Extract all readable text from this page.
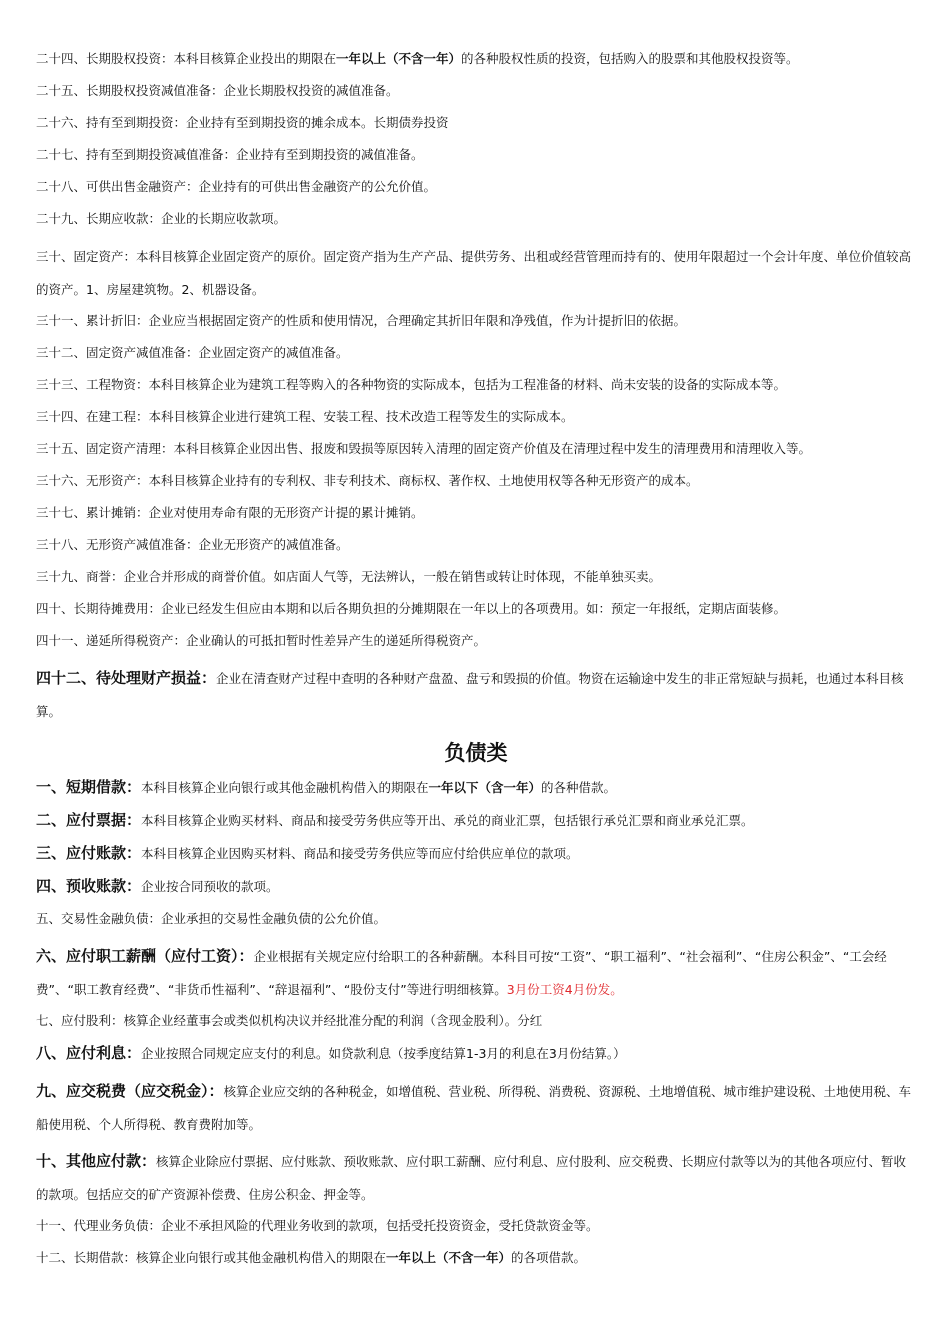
二十四、长期股权投资：本科目核算企业投出的期限在一年以上（不含一年）的各种股权性质的投资，包括购入的股票和其他股权投资等。

二十五、长期股权投资减值准备：企业长期股权投资的减值准备。

二十六、持有至到期投资：企业持有至到期投资的摊余成本。长期债券投资

二十七、持有至到期投资减值准备：企业持有至到期投资的减值准备。

二十八、可供出售金融资产：企业持有的可供出售金融资产的公允价值。

二十九、长期应收款：企业的长期应收款项。

三十、固定资产：本科目核算企业固定资产的原价。固定资产指为生产产品、提供劳务、出租或经营管理而持有的、使用年限超过一个会计年度、单位价值较高的资产。1、房屋建筑物。2、机器设备。

三十一、累计折旧：企业应当根据固定资产的性质和使用情况，合理确定其折旧年限和净残值，作为计提折旧的依据。

三十二、固定资产减值准备：企业固定资产的减值准备。

三十三、工程物资：本科目核算企业为建筑工程等购入的各种物资的实际成本，包括为工程准备的材料、尚未安装的设备的实际成本等。

三十四、在建工程：本科目核算企业进行建筑工程、安装工程、技术改造工程等发生的实际成本。

三十五、固定资产清理：本科目核算企业因出售、报废和毁损等原因转入清理的固定资产价值及在清理过程中发生的清理费用和清理收入等。

三十六、无形资产：本科目核算企业持有的专利权、非专利技术、商标权、著作权、土地使用权等各种无形资产的成本。

三十七、累计摊销：企业对使用寿命有限的无形资产计提的累计摊销。

三十八、无形资产减值准备：企业无形资产的减值准备。

三十九、商誉：企业合并形成的商誉价值。如店面人气等，无法辨认，一般在销售或转让时体现，不能单独买卖。

四十、长期待摊费用：企业已经发生但应由本期和以后各期负担的分摊期限在一年以上的各项费用。如：预定一年报纸，定期店面装修。

四十一、递延所得税资产：企业确认的可抵扣暂时性差异产生的递延所得税资产。

四十二、待处理财产损益：企业在清查财产过程中查明的各种财产盘盈、盘亏和毁损的价值。物资在运输途中发生的非正常短缺与损耗，也通过本科目核算。

负债类

一、短期借款：本科目核算企业向银行或其他金融机构借入的期限在一年以下（含一年）的各种借款。

二、应付票据：本科目核算企业购买材料、商品和接受劳务供应等开出、承兑的商业汇票，包括银行承兑汇票和商业承兑汇票。

三、应付账款：本科目核算企业因购买材料、商品和接受劳务供应等而应付给供应单位的款项。

四、预收账款：企业按合同预收的款项。

五、交易性金融负债：企业承担的交易性金融负债的公允价值。

六、应付职工薪酬（应付工资）：企业根据有关规定应付给职工的各种薪酬。本科目可按“工资”、“职工福利”、“社会福利”、“住房公积金”、“工会经费”、“职工教育经费”、“非货币性福利”、“辞退福利”、“股份支付”等进行明细核算。3月份工资4月份发。

七、应付股利：核算企业经董事会或类似机构决议并经批准分配的利润（含现金股利）。分红

八、应付利息：企业按照合同规定应支付的利息。如贷款利息（按季度结算1-3月的利息在3月份结算。）

九、应交税费（应交税金）：核算企业应交纳的各种税金，如增值税、营业税、所得税、消费税、资源税、土地增值税、城市维护建设税、土地使用税、车船使用税、个人所得税、教育费附加等。

十、其他应付款：核算企业除应付票据、应付账款、预收账款、应付职工薪酬、应付利息、应付股利、应交税费、长期应付款等以为的其他各项应付、暂收的款项。包括应交的矿产资源补偿费、住房公积金、押金等。

十一、代理业务负债：企业不承担风险的代理业务收到的款项，包括受托投资资金，受托贷款资金等。

十二、长期借款：核算企业向银行或其他金融机构借入的期限在一年以上（不含一年）的各项借款。
